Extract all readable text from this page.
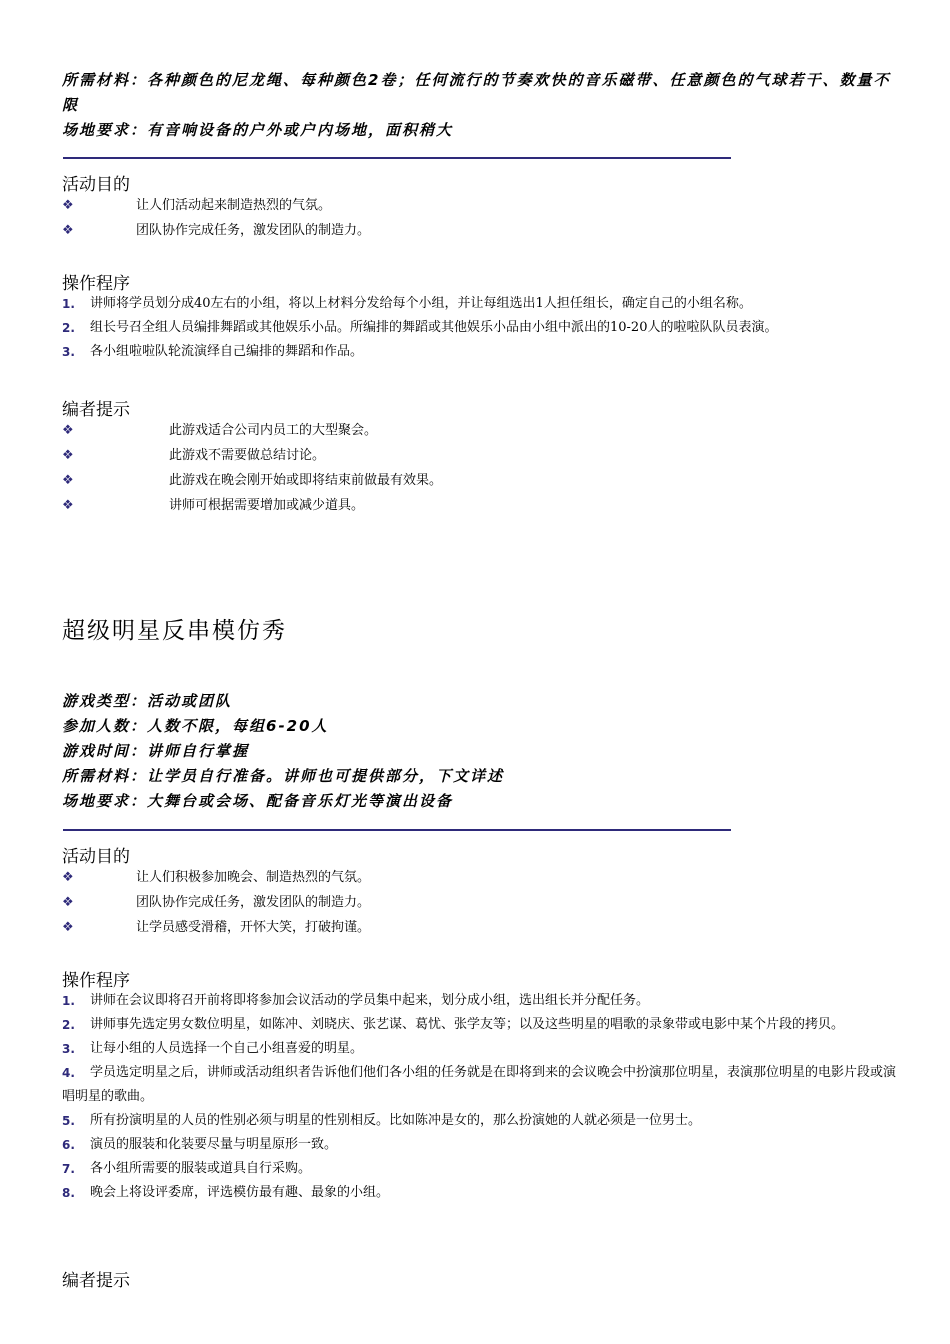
所需材料：各种颜色的尼龙绳、每种颜色2卷；任何流行的节奏欢快的音乐磁带、任意颜色的气球若干、数量不限
场地要求：有音响设备的户外或户内场地，面积稍大
活动目的
❖	让人们活动起来制造热烈的气氛。
❖	团队协作完成任务，激发团队的制造力。
操作程序
1. 讲师将学员划分成40左右的小组，将以上材料分发给每个小组，并让每组选出1人担任组长，确定自己的小组名称。
2. 组长号召全组人员编排舞蹈或其他娱乐小品。所编排的舞蹈或其他娱乐小品由小组中派出的10-20人的啦啦队队员表演。
3. 各小组啦啦队轮流演绎自己编排的舞蹈和作品。
编者提示
❖	此游戏适合公司内员工的大型聚会。
❖	此游戏不需要做总结讨论。
❖	此游戏在晚会刚开始或即将结束前做最有效果。
❖	讲师可根据需要增加或减少道具。
超级明星反串模仿秀
游戏类型：活动或团队
参加人数：人数不限，每组6-20人
游戏时间：讲师自行掌握
所需材料：让学员自行准备。讲师也可提供部分，下文详述
场地要求：大舞台或会场、配备音乐灯光等演出设备
活动目的
❖	让人们积极参加晚会、制造热烈的气氛。
❖	团队协作完成任务，激发团队的制造力。
❖	让学员感受滑稽，开怀大笑，打破拘谨。
操作程序
1. 讲师在会议即将召开前将即将参加会议活动的学员集中起来，划分成小组，选出组长并分配任务。
2. 讲师事先选定男女数位明星，如陈冲、刘晓庆、张艺谋、葛忧、张学友等；以及这些明星的唱歌的录象带或电影中某个片段的拷贝。
3. 让每小组的人员选择一个自己小组喜爱的明星。
4. 学员选定明星之后，讲师或活动组织者告诉他们他们各小组的任务就是在即将到来的会议晚会中扮演那位明星，表演那位明星的电影片段或演唱明星的歌曲。
5. 所有扮演明星的人员的性别必须与明星的性别相反。比如陈冲是女的，那么扮演她的人就必须是一位男士。
6. 演员的服装和化装要尽量与明星原形一致。
7. 各小组所需要的服装或道具自行采购。
8. 晚会上将设评委席，评选模仿最有趣、最象的小组。
编者提示
